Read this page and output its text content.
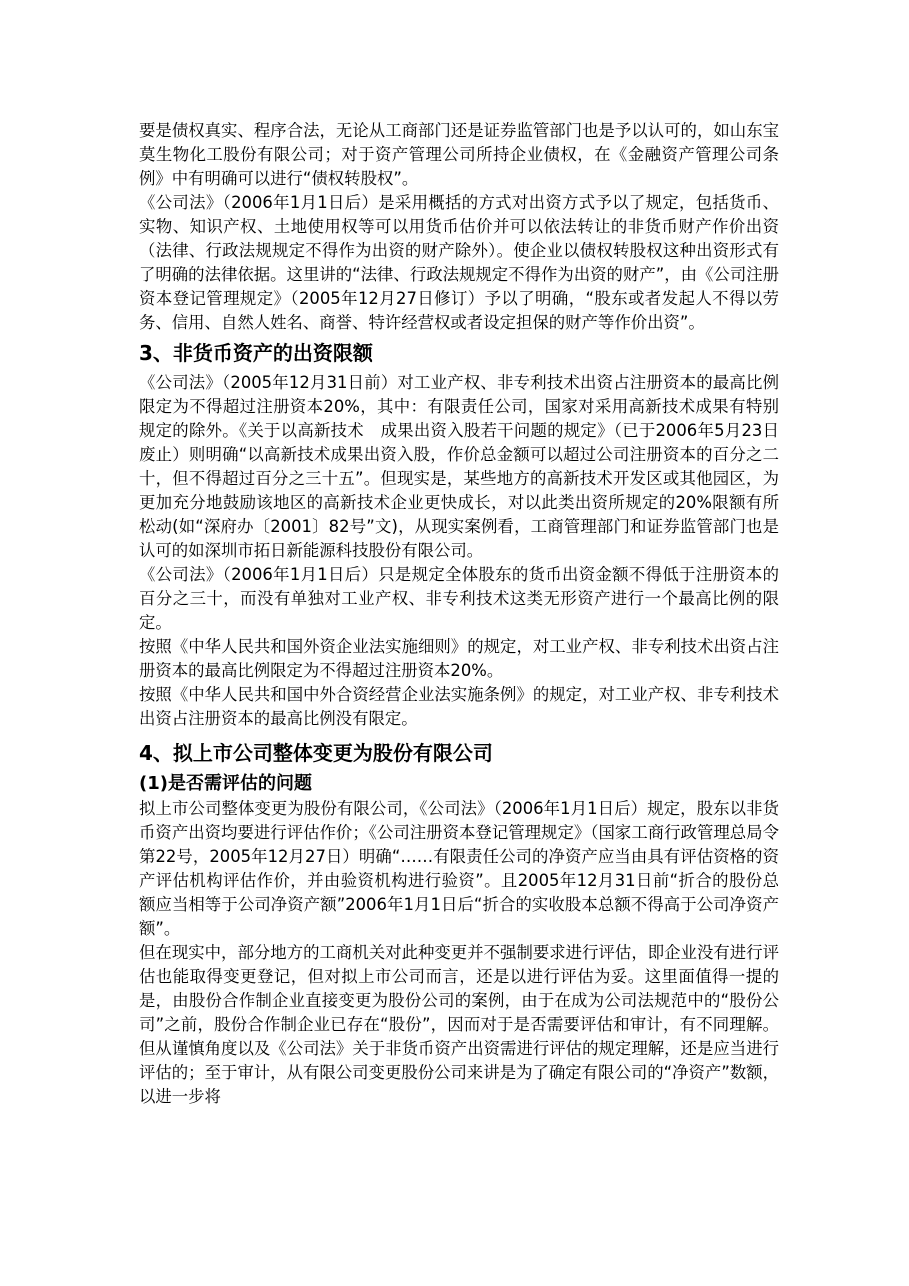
要是债权真实、程序合法，无论从工商部门还是证券监管部门也是予以认可的，如山东宝莫生物化工股份有限公司；对于资产管理公司所持企业债权，在《金融资产管理公司条例》中有明确可以进行“债权转股权”。

《公司法》（2006年1月1日后）是采用概括的方式对出资方式予以了规定，包括货币、实物、知识产权、土地使用权等可以用货币估价并可以依法转让的非货币财产作价出资（法律、行政法规规定不得作为出资的财产除外）。使企业以债权转股权这种出资形式有了明确的法律依据。这里讲的“法律、行政法规规定不得作为出资的财产”，由《公司注册资本登记管理规定》（2005年12月27日修订）予以了明确，“股东或者发起人不得以劳务、信用、自然人姓名、商誉、特许经营权或者设定担保的财产等作价出资”。

3、非货币资产的出资限额

《公司法》（2005年12月31日前）对工业产权、非专利技术出资占注册资本的最高比例限定为不得超过注册资本20%，其中：有限责任公司，国家对采用高新技术成果有特别规定的除外。《关于以高新技术　成果出资入股若干问题的规定》（已于2006年5月23日废止）则明确“以高新技术成果出资入股，作价总金额可以超过公司注册资本的百分之二十，但不得超过百分之三十五”。但现实是，某些地方的高新技术开发区或其他园区，为更加充分地鼓励该地区的高新技术企业更快成长，对以此类出资所规定的20%限额有所松动(如“深府办〔2001〕82号”文)，从现实案例看，工商管理部门和证券监管部门也是认可的如深圳市拓日新能源科技股份有限公司。

《公司法》（2006年1月1日后）只是规定全体股东的货币出资金额不得低于注册资本的百分之三十，而没有单独对工业产权、非专利技术这类无形资产进行一个最高比例的限定。

按照《中华人民共和国外资企业法实施细则》的规定，对工业产权、非专利技术出资占注册资本的最高比例限定为不得超过注册资本20%。

按照《中华人民共和国中外合资经营企业法实施条例》的规定，对工业产权、非专利技术出资占注册资本的最高比例没有限定。

4、拟上市公司整体变更为股份有限公司
(1)是否需评估的问题

拟上市公司整体变更为股份有限公司，《公司法》（2006年1月1日后）规定，股东以非货币资产出资均要进行评估作价；《公司注册资本登记管理规定》（国家工商行政管理总局令第22号，2005年12月27日）明确“……有限责任公司的净资产应当由具有评估资格的资产评估机构评估作价，并由验资机构进行验资”。且2005年12月31日前“折合的股份总额应当相等于公司净资产额”2006年1月1日后“折合的实收股本总额不得高于公司净资产额”。

但在现实中，部分地方的工商机关对此种变更并不强制要求进行评估，即企业没有进行评估也能取得变更登记，但对拟上市公司而言，还是以进行评估为妥。这里面值得一提的是，由股份合作制企业直接变更为股份公司的案例，由于在成为公司法规范中的“股份公司”之前，股份合作制企业已存在“股份”，因而对于是否需要评估和审计，有不同理解。但从谨慎角度以及《公司法》关于非货币资产出资需进行评估的规定理解，还是应当进行评估的；至于审计，从有限公司变更股份公司来讲是为了确定有限公司的“净资产”数额，以进一步将
